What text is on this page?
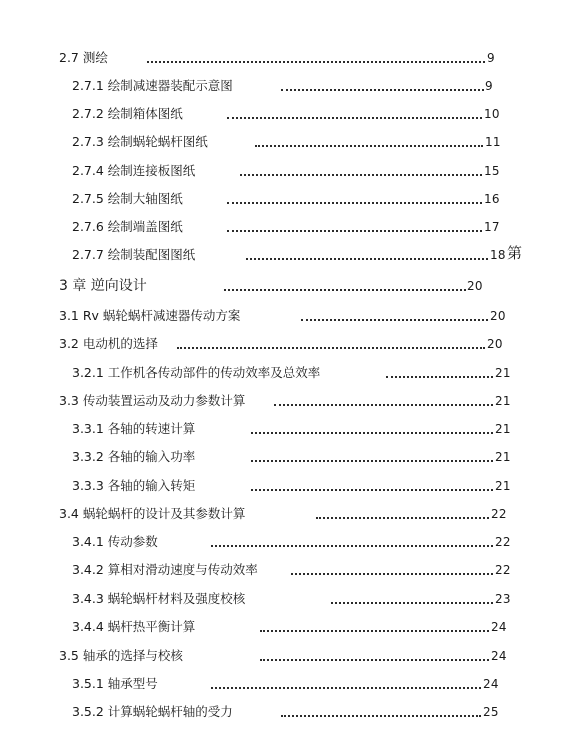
2.7 测绘	9
2.7.1 绘制减速器装配示意图	9
2.7.2 绘制箱体图纸	10
2.7.3 绘制蜗轮蜗杆图纸	11
2.7.4 绘制连接板图纸	15
2.7.5 绘制大轴图纸	16
2.7.6 绘制端盖图纸	17
2.7.7 绘制装配图图纸	18 第
3 章 逆向设计	20
3.1 Rv 蜗轮蜗杆减速器传动方案	20
3.2 电动机的选择	20
3.2.1 工作机各传动部件的传动效率及总效率	21
3.3 传动装置运动及动力参数计算	21
3.3.1 各轴的转速计算	21
3.3.2 各轴的输入功率	21
3.3.3 各轴的输入转矩	21
3.4 蜗轮蜗杆的设计及其参数计算	22
3.4.1 传动参数	22
3.4.2 算相对滑动速度与传动效率	22
3.4.3 蜗轮蜗杆材料及强度校核	23
3.4.4 蜗杆热平衡计算	24
3.5 轴承的选择与校核	24
3.5.1 轴承型号	24
3.5.2 计算蜗轮蜗杆轴的受力	25
